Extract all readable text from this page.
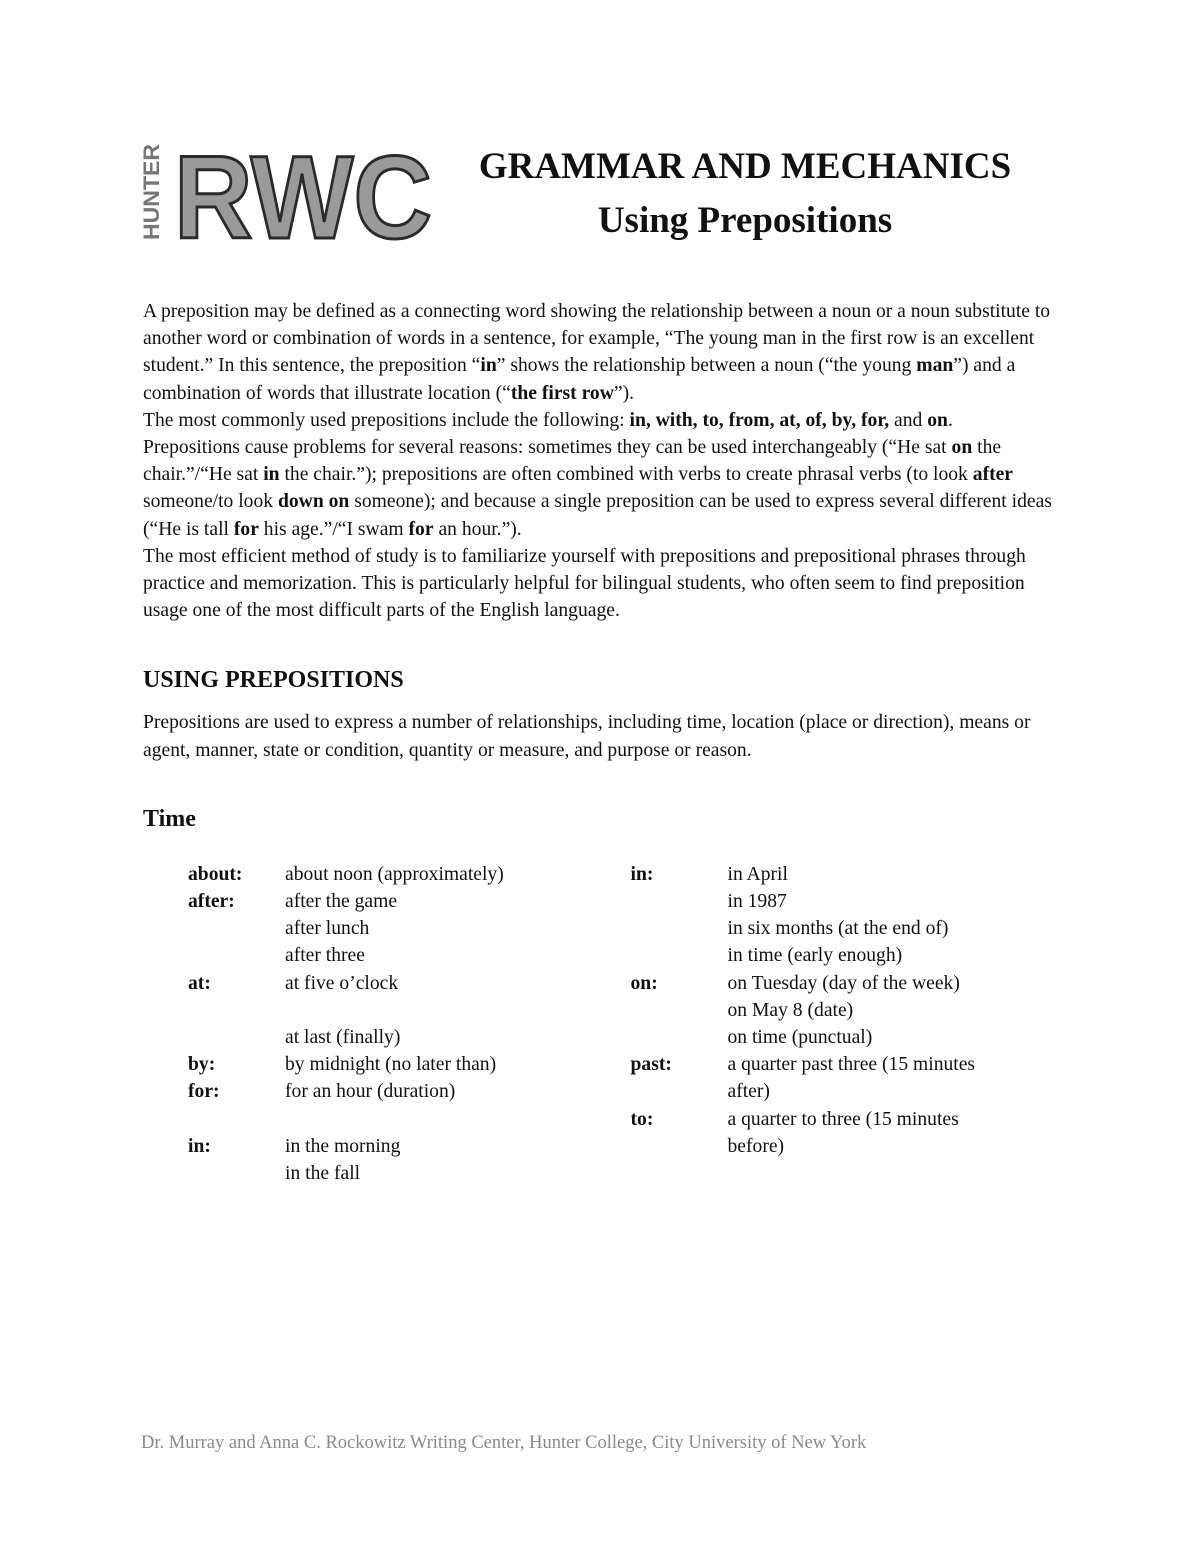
HUNTER RWC	GRAMMAR AND MECHANICS
Using Prepositions

A preposition may be defined as a connecting word showing the relationship between a noun or a noun substitute to another word or combination of words in a sentence, for example, “The young man in the first row is an excellent student.” In this sentence, the preposition “in” shows the relationship between a noun (“the young man”) and a combination of words that illustrate location (“the first row”).

The most commonly used prepositions include the following: in, with, to, from, at, of, by, for, and on.

Prepositions cause problems for several reasons: sometimes they can be used interchangeably (“He sat on the chair.”/“He sat in the chair.”); prepositions are often combined with verbs to create phrasal verbs (to look after someone/to look down on someone); and because a single preposition can be used to express several different ideas (“He is tall for his age.”/“I swam for an hour.”).

The most efficient method of study is to familiarize yourself with prepositions and prepositional phrases through practice and memorization. This is particularly helpful for bilingual students, who often seem to find preposition usage one of the most difficult parts of the English language.

USING PREPOSITIONS

Prepositions are used to express a number of relationships, including time, location (place or direction), means or agent, manner, state or condition, quantity or measure, and purpose or reason.

Time
about:	about noon (approximately)
after:	after the game
after lunch
after three
at:	at five o’clock

at last (finally)
by:	by midnight (no later than)
for:	for an hour (duration)

in:	in the morning
in the fall
in:	in April
in 1987
in six months (at the end of)
in time (early enough)
on:	on Tuesday (day of the week)
on May 8 (date)
on time (punctual)
past:	a quarter past three (15 minutes after)
to:	a quarter to three (15 minutes before)
Dr. Murray and Anna C. Rockowitz Writing Center, Hunter College, City University of New York
